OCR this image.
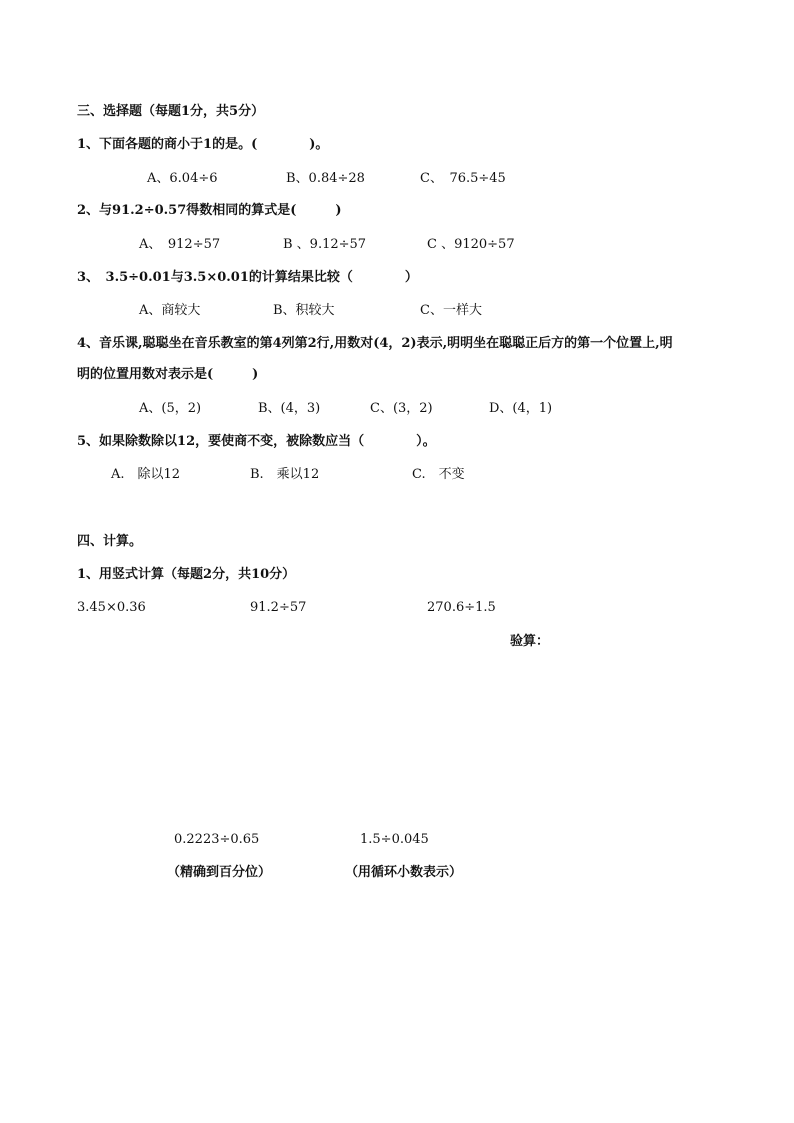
三、选择题（每题1分，共5分）
1、下面各题的商小于1的是。(　　　　)。
A、6.04÷6	B、0.84÷28	C、　76.5÷45
2、与91.2÷0.57得数相同的算式是(　　　)
A、　912÷57	B 、9.12÷57	C 、9120÷57
3、　3.5÷0.01与3.5×0.01的计算结果比较（　　　　）
A、商较大	B、积较大	C、一样大
4、音乐课,聪聪坐在音乐教室的第4列第2行,用数对(4，2)表示,明明坐在聪聪正后方的第一个位置上,明
明的位置用数对表示是(　　　)
A、(5，2)	B、(4，3)	C、(3，2)	D、(4，1)
5、如果除数除以12，要使商不变，被除数应当（　　　　）。
A.　除以12	B.　乘以12	C.　不变
四、计算。
1、用竖式计算（每题2分，共10分）
3.45×0.36	91.2÷57	270.6÷1.5
验算：
0.2223÷0.65	1.5÷0.045
（精确到百分位）	（用循环小数表示）
